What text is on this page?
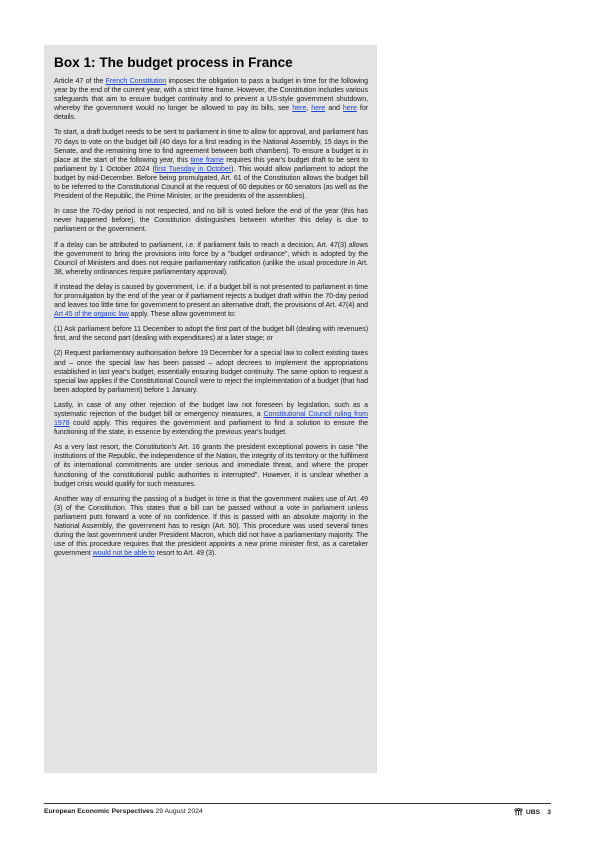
Box 1: The budget process in France

Article 47 of the French Constitution imposes the obligation to pass a budget in time for the following year by the end of the current year, with a strict time frame. However, the Constitution includes various safeguards that aim to ensure budget continuity and to prevent a US-style government shutdown, whereby the government would no longer be allowed to pay its bills, see here, here and here for details.

To start, a draft budget needs to be sent to parliament in time to allow for approval, and parliament has 70 days to vote on the budget bill (40 days for a first reading in the National Assembly, 15 days in the Senate, and the remaining time to find agreement between both chambers). To ensure a budget is in place at the start of the following year, this time frame requires this year's budget draft to be sent to parliament by 1 October 2024 (first Tuesday in October). This would allow parliament to adopt the budget by mid-December. Before being promulgated, Art. 61 of the Constitution allows the budget bill to be referred to the Constitutional Council at the request of 60 deputies or 60 senators (as well as the President of the Republic, the Prime Minister, or the presidents of the assemblies).

In case the 70-day period is not respected, and no bill is voted before the end of the year (this has never happened before), the Constitution distinguishes between whether this delay is due to parliament or the government.

If a delay can be attributed to parliament, i.e. if parliament fails to reach a decision, Art. 47(3) allows the government to bring the provisions into force by a "budget ordinance", which is adopted by the Council of Ministers and does not require parliamentary ratification (unlike the usual procedure in Art. 38, whereby ordinances require parliamentary approval).

If instead the delay is caused by government, i.e. if a budget bill is not presented to parliament in time for promulgation by the end of the year or if parliament rejects a budget draft within the 70-day period and leaves too little time for government to present an alternative draft, the provisions of Art. 47(4) and Art 45 of the organic law apply. These allow government to:

(1) Ask parliament before 11 December to adopt the first part of the budget bill (dealing with revenues) first, and the second part (dealing with expenditures) at a later stage; or

(2) Request parliamentary authorisation before 19 December for a special law to collect existing taxes and – once the special law has been passed – adopt decrees to implement the appropriations established in last year's budget, essentially ensuring budget continuity. The same option to request a special law applies if the Constitutional Council were to reject the implementation of a budget (that had been adopted by parliament) before 1 January.

Lastly, in case of any other rejection of the budget law not foreseen by legislation, such as a systematic rejection of the budget bill or emergency measures, a Constitutional Council ruling from 1978 could apply. This requires the government and parliament to find a solution to ensure the functioning of the state, in essence by extending the previous year's budget.

As a very last resort, the Constitution's Art. 16 grants the president exceptional powers in case "the institutions of the Republic, the independence of the Nation, the integrity of its territory or the fulfilment of its international commitments are under serious and immediate threat, and where the proper functioning of the constitutional public authorities is interrupted". However, it is unclear whether a budget crisis would qualify for such measures.

Another way of ensuring the passing of a budget in time is that the government makes use of Art. 49 (3) of the Constitution. This states that a bill can be passed without a vote in parliament unless parliament puts forward a vote of no confidence. If this is passed with an absolute majority in the National Assembly, the government has to resign (Art. 50). This procedure was used several times during the last government under President Macron, which did not have a parliamentary majority. The use of this procedure requires that the president appoints a new prime minister first, as a caretaker government would not be able to resort to Art. 49 (3).

European Economic Perspectives 29 August 2024	UBS 3
